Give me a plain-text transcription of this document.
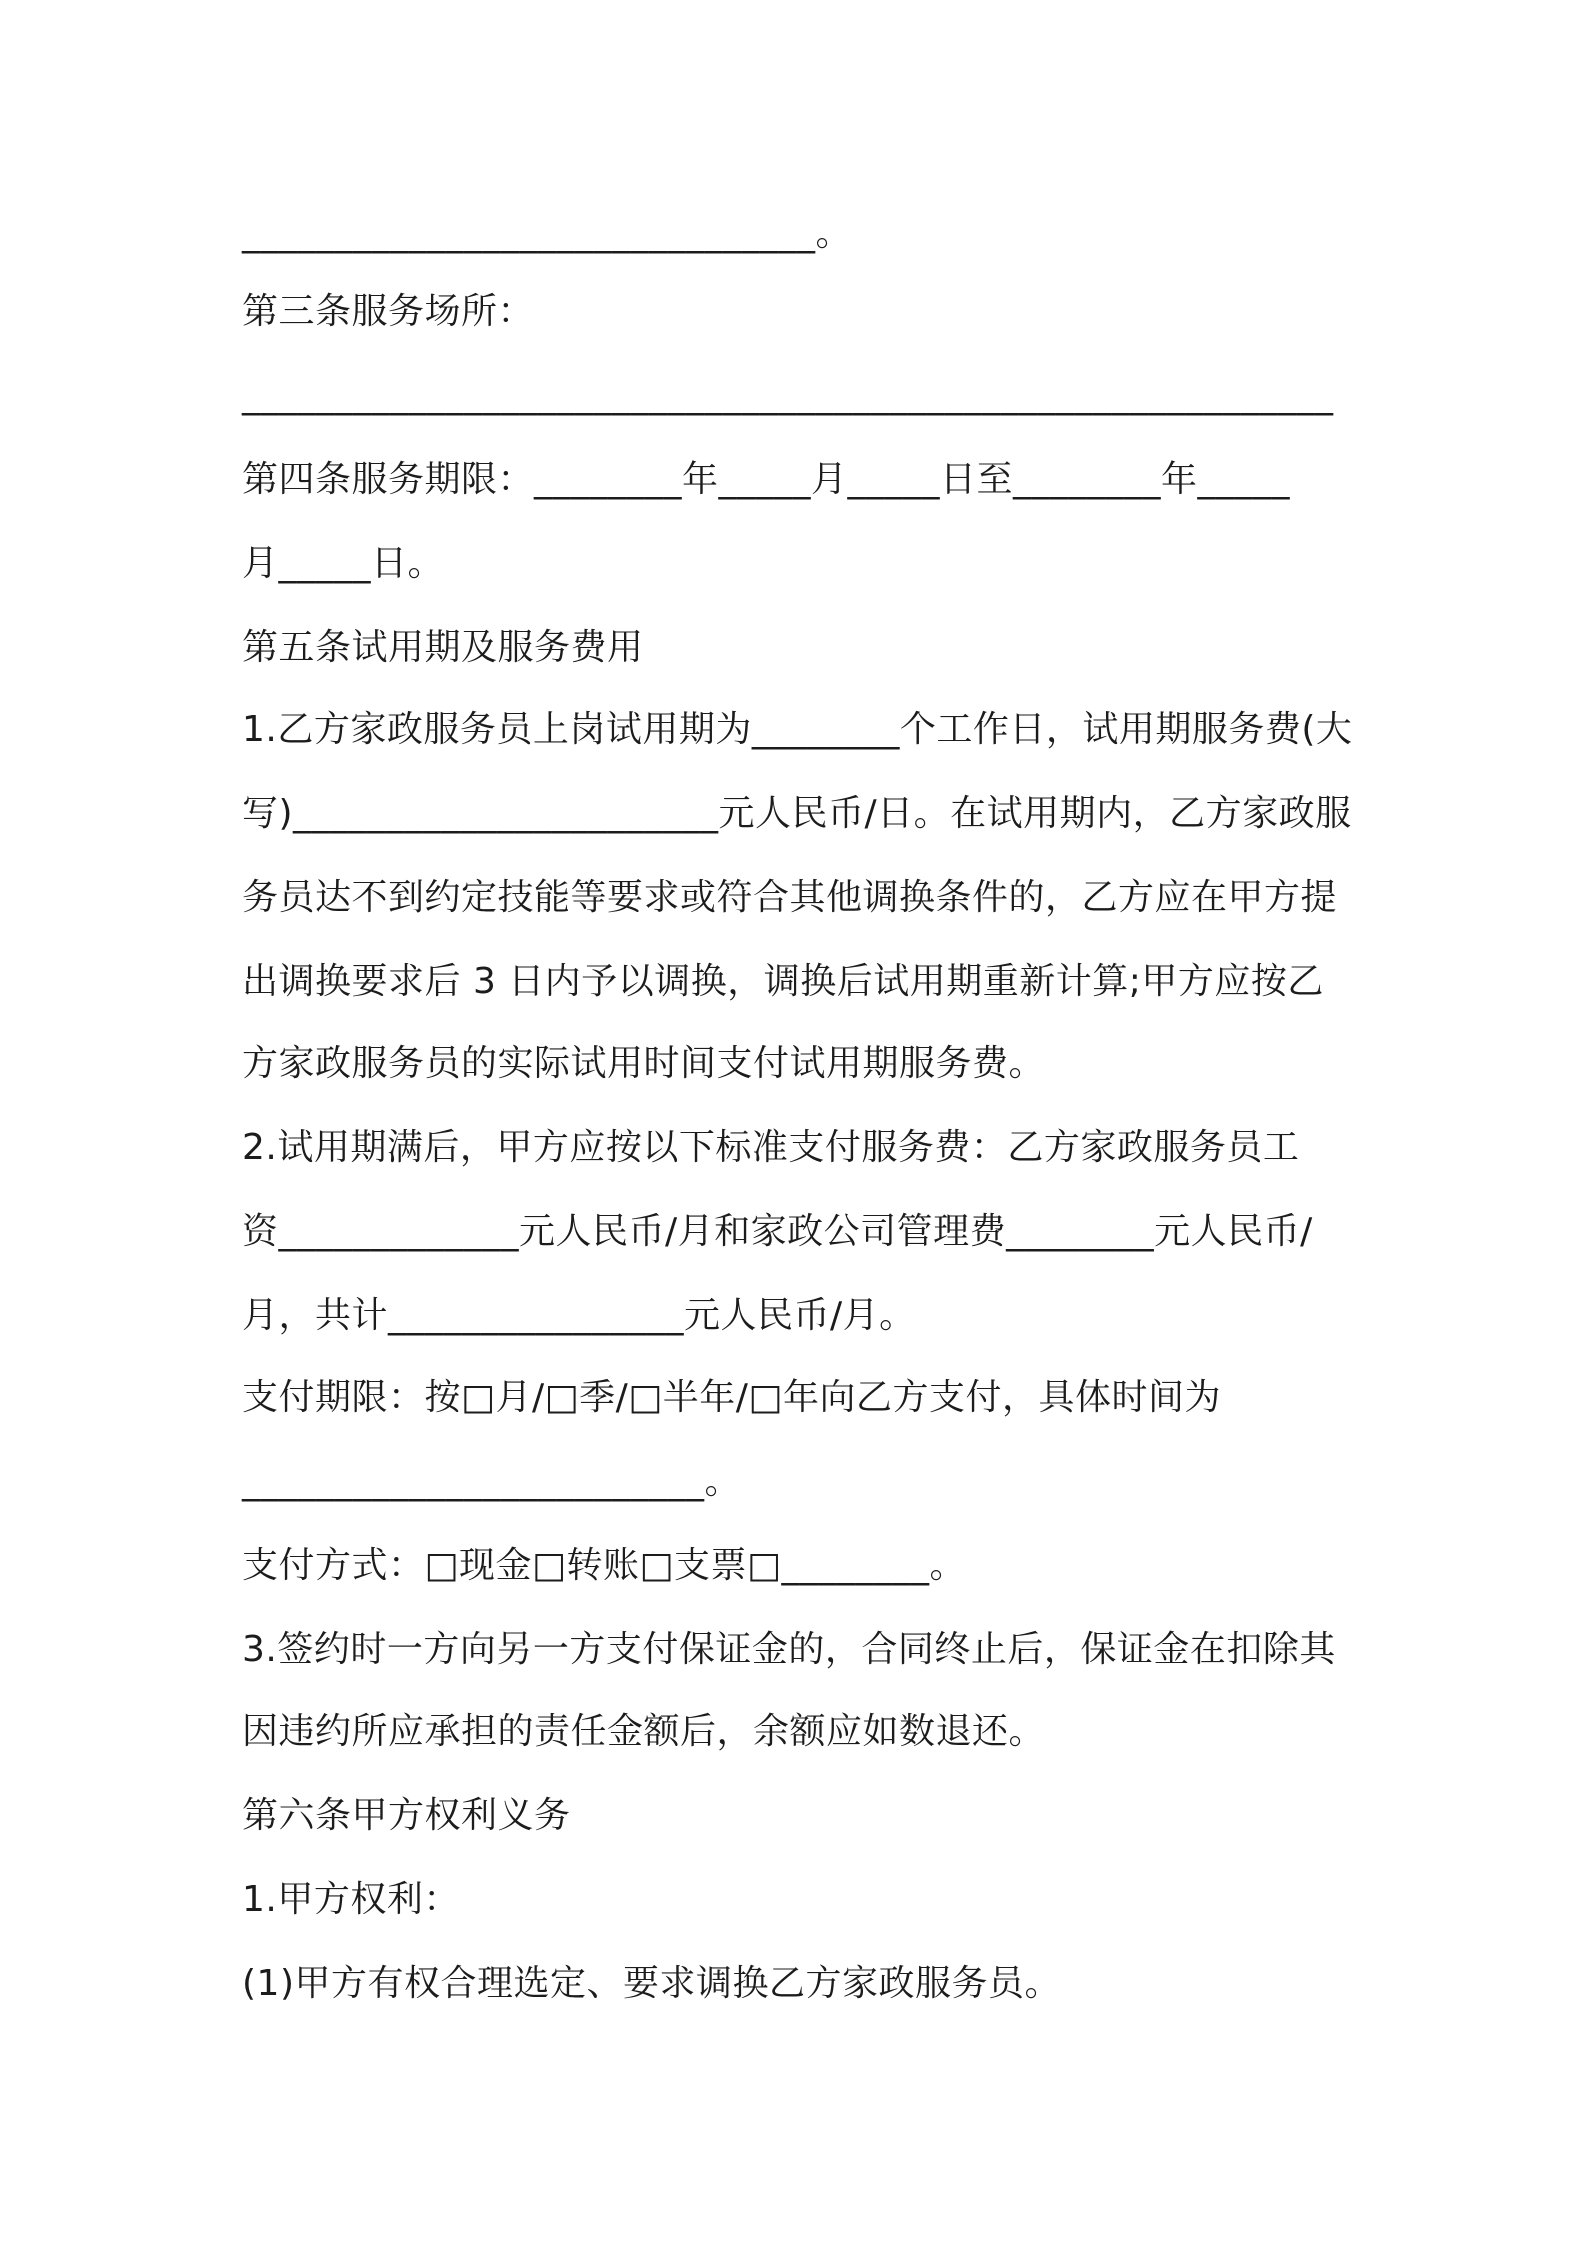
_______________________________。
第三条服务场所：
___________________________________________________________
第四条服务期限：________年_____月_____日至________年_____
月_____日。
第五条试用期及服务费用
1.乙方家政服务员上岗试用期为________个工作日，试用期服务费(大
写)_______________________元人民币/日。在试用期内，乙方家政服
务员达不到约定技能等要求或符合其他调换条件的，乙方应在甲方提
出调换要求后 3 日内予以调换，调换后试用期重新计算;甲方应按乙
方家政服务员的实际试用时间支付试用期服务费。
2.试用期满后，甲方应按以下标准支付服务费：乙方家政服务员工
资_____________元人民币/月和家政公司管理费________元人民币/
月，共计________________元人民币/月。
支付期限：按□月/□季/□半年/□年向乙方支付，具体时间为
_________________________。
支付方式：□现金□转账□支票□________。
3.签约时一方向另一方支付保证金的，合同终止后，保证金在扣除其
因违约所应承担的责任金额后，余额应如数退还。
第六条甲方权利义务
1.甲方权利：
(1)甲方有权合理选定、要求调换乙方家政服务员。
